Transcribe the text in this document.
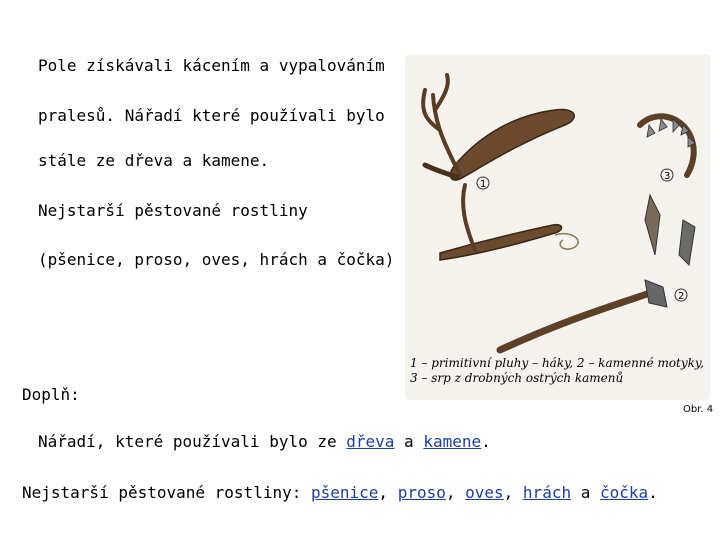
Pole získávali kácením a vypalováním
pralesů. Nářadí které používali bylo
stále ze dřeva a kamene.
Nejstarší pěstované rostliny
(pšenice, proso, oves, hrách a čočka)
3
1
2
1 – primitivní pluhy – háky, 2 – kamenné motyky,
3 – srp z drobných ostrých kamenů
Doplň:
Obr. 4
Nářadí, které používali bylo ze dřeva a kamene.
Nejstarší pěstované rostliny: pšenice, proso, oves, hrách a čočka.
